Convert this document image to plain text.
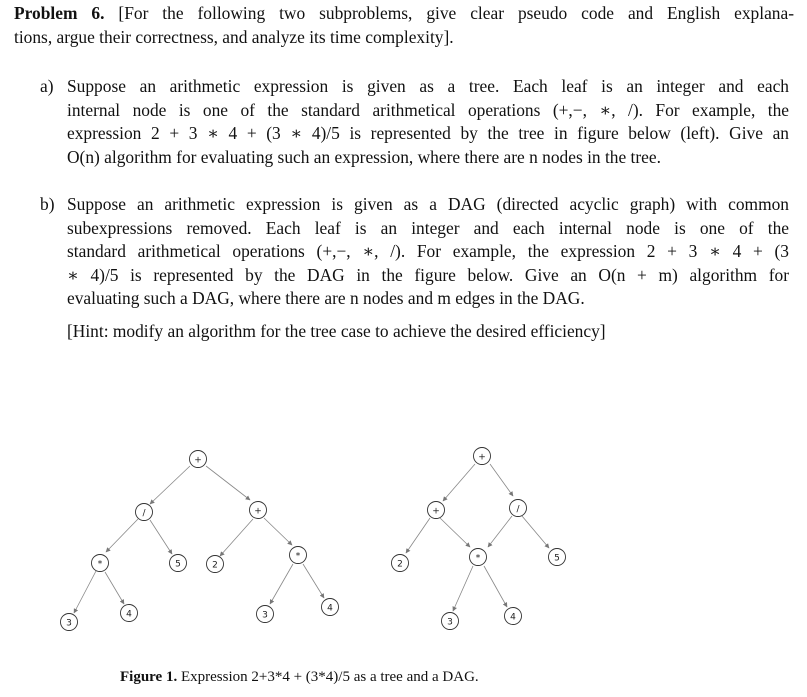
Problem 6. [For the following two subproblems, give clear pseudo code and English explana-
tions, argue their correctness, and analyze its time complexity].
a) Suppose an arithmetic expression is given as a tree. Each leaf is an integer and each
internal node is one of the standard arithmetical operations (+,−, ∗, /). For example, the
expression 2 + 3 ∗ 4 + (3 ∗ 4)/5 is represented by the tree in figure below (left). Give an
O(n) algorithm for evaluating such an expression, where there are n nodes in the tree.
b) Suppose an arithmetic expression is given as a DAG (directed acyclic graph) with common
subexpressions removed. Each leaf is an integer and each internal node is one of the
standard arithmetical operations (+,−, ∗, /). For example, the expression 2 + 3 ∗ 4 + (3
∗ 4)/5 is represented by the DAG in the figure below. Give an O(n + m) algorithm for
evaluating such a DAG, where there are n nodes and m edges in the DAG.
[Hint: modify an algorithm for the tree case to achieve the desired efficiency]
+
/	+
*	5	2
*
3
4	3
4
+
+	/
2
*	5
3	4
Figure 1. Expression 2+3*4 + (3*4)/5 as a tree and a DAG.
